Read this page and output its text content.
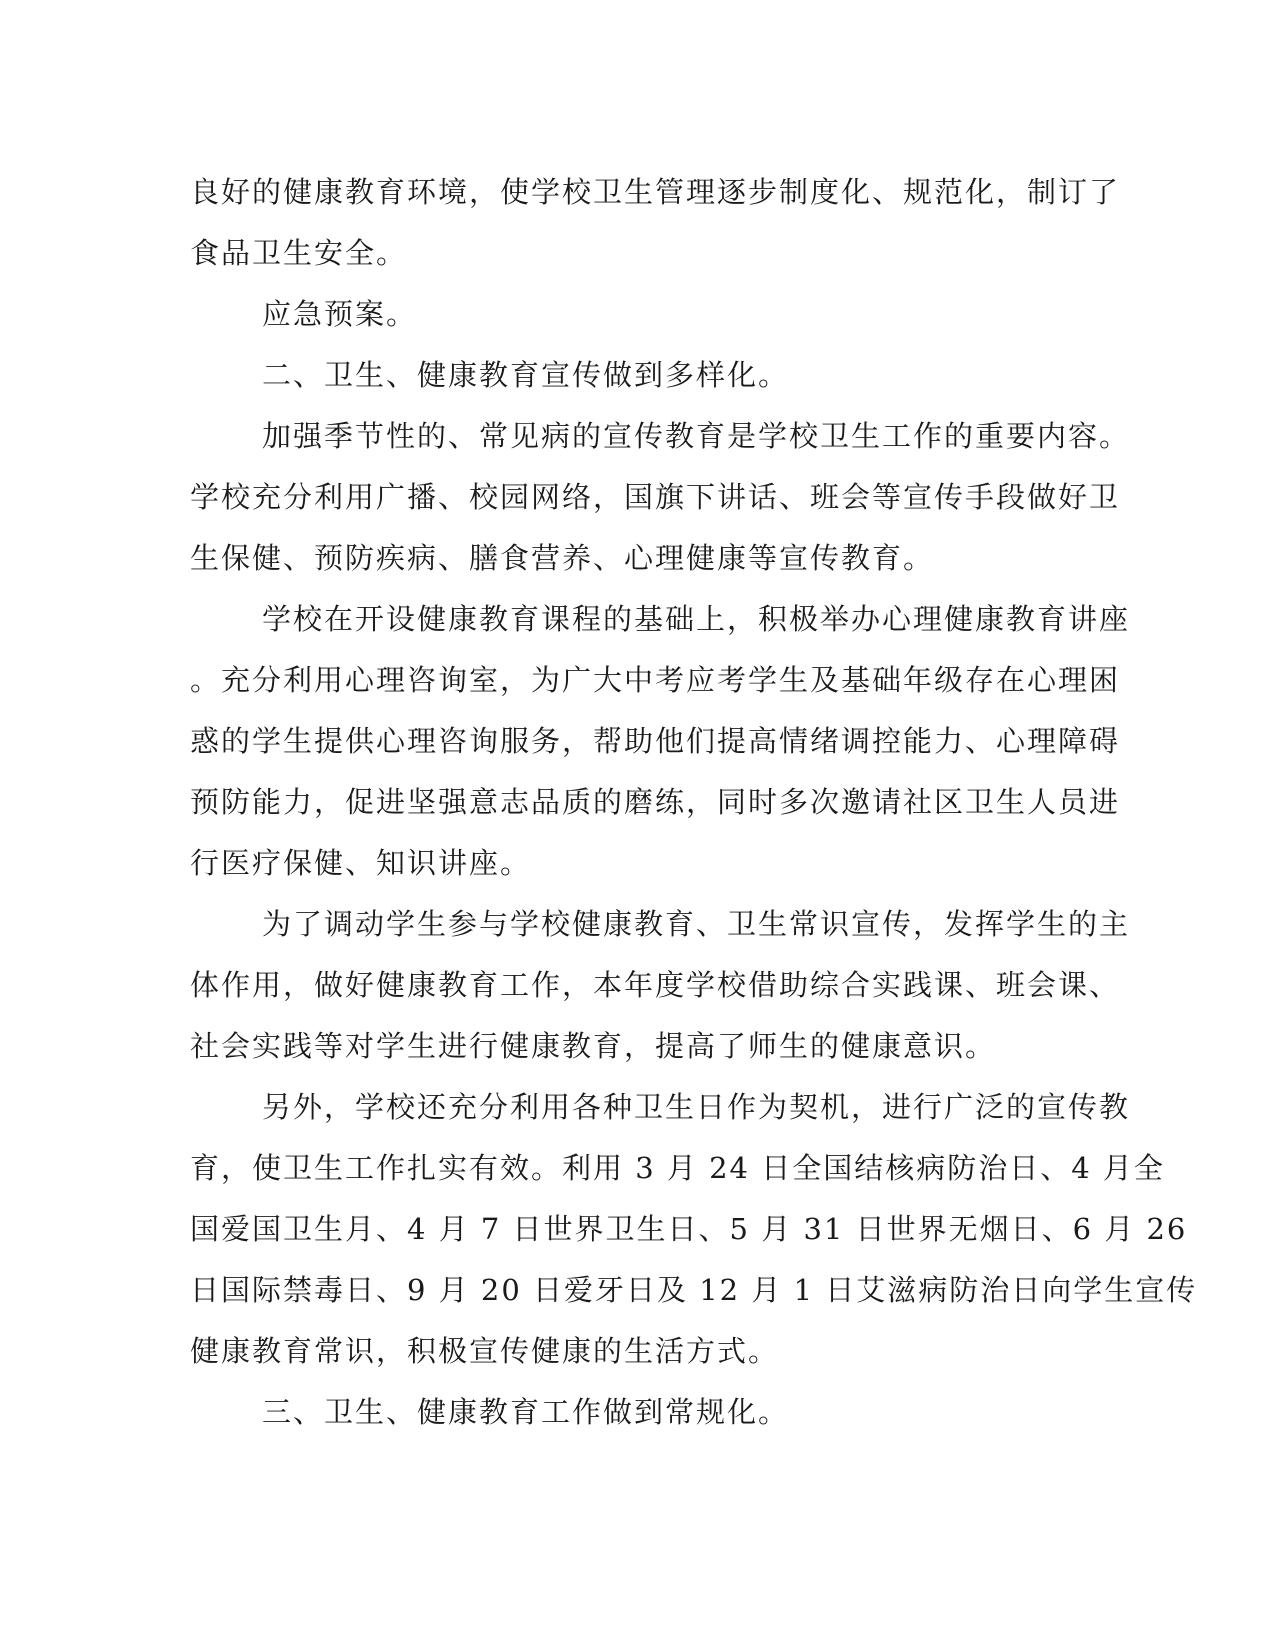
良好的健康教育环境，使学校卫生管理逐步制度化、规范化，制订了
食品卫生安全。
应急预案。
二、卫生、健康教育宣传做到多样化。
加强季节性的、常见病的宣传教育是学校卫生工作的重要内容。
学校充分利用广播、校园网络，国旗下讲话、班会等宣传手段做好卫
生保健、预防疾病、膳食营养、心理健康等宣传教育。
学校在开设健康教育课程的基础上，积极举办心理健康教育讲座
。充分利用心理咨询室，为广大中考应考学生及基础年级存在心理困
惑的学生提供心理咨询服务，帮助他们提高情绪调控能力、心理障碍
预防能力，促进坚强意志品质的磨练，同时多次邀请社区卫生人员进
行医疗保健、知识讲座。
为了调动学生参与学校健康教育、卫生常识宣传，发挥学生的主
体作用，做好健康教育工作，本年度学校借助综合实践课、班会课、
社会实践等对学生进行健康教育，提高了师生的健康意识。
另外，学校还充分利用各种卫生日作为契机，进行广泛的宣传教
育，使卫生工作扎实有效。利用 3 月 24 日全国结核病防治日、4 月全
国爱国卫生月、4 月 7 日世界卫生日、5 月 31 日世界无烟日、6 月 26
日国际禁毒日、9 月 20 日爱牙日及 12 月 1 日艾滋病防治日向学生宣传
健康教育常识，积极宣传健康的生活方式。
三、卫生、健康教育工作做到常规化。
